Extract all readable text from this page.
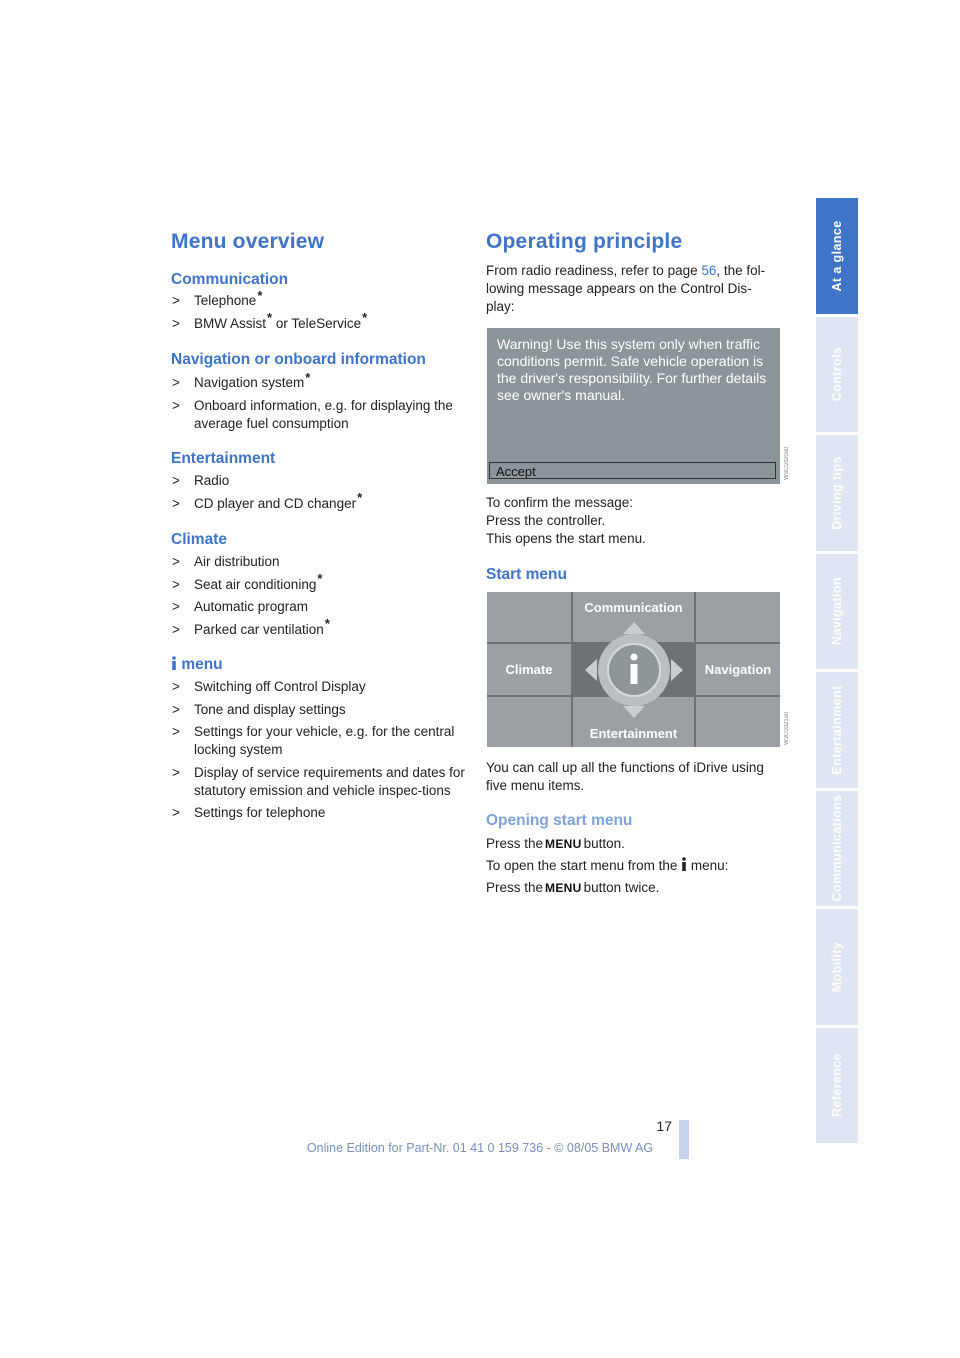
Menu overview
Communication
> Telephone*
> BMW Assist* or TeleService*
Navigation or onboard information
> Navigation system*
> Onboard information, e.g. for displaying the average fuel consumption
Entertainment
> Radio
> CD player and CD changer*
Climate
> Air distribution
> Seat air conditioning*
> Automatic program
> Parked car ventilation*
menu
> Switching off Control Display
> Tone and display settings
> Settings for your vehicle, e.g. for the central locking system
> Display of service requirements and dates for statutory emission and vehicle inspec-tions
> Settings for telephone
Operating principle
From radio readiness, refer to page 56, the fol-lowing message appears on the Control Dis-play:
Warning! Use this system only when traffic conditions permit. Safe vehicle operation is the driver's responsibility. For further details see owner's manual.
Accept	W3C0320a0
To confirm the message:
Press the controller.
This opens the start menu.
Start menu
Communication
Climate	Navigation
Entertainment	W3C0321a0
You can call up all the functions of iDrive using five menu items.
Opening start menu
Press the MENU button.
To open the start menu from the menu:
Press the MENU button twice.
At a glance
Controls
Driving tips
Navigation
Entertainment
Communications
Mobility
Reference
17
Online Edition for Part-Nr. 01 41 0 159 736 - © 08/05 BMW AG
